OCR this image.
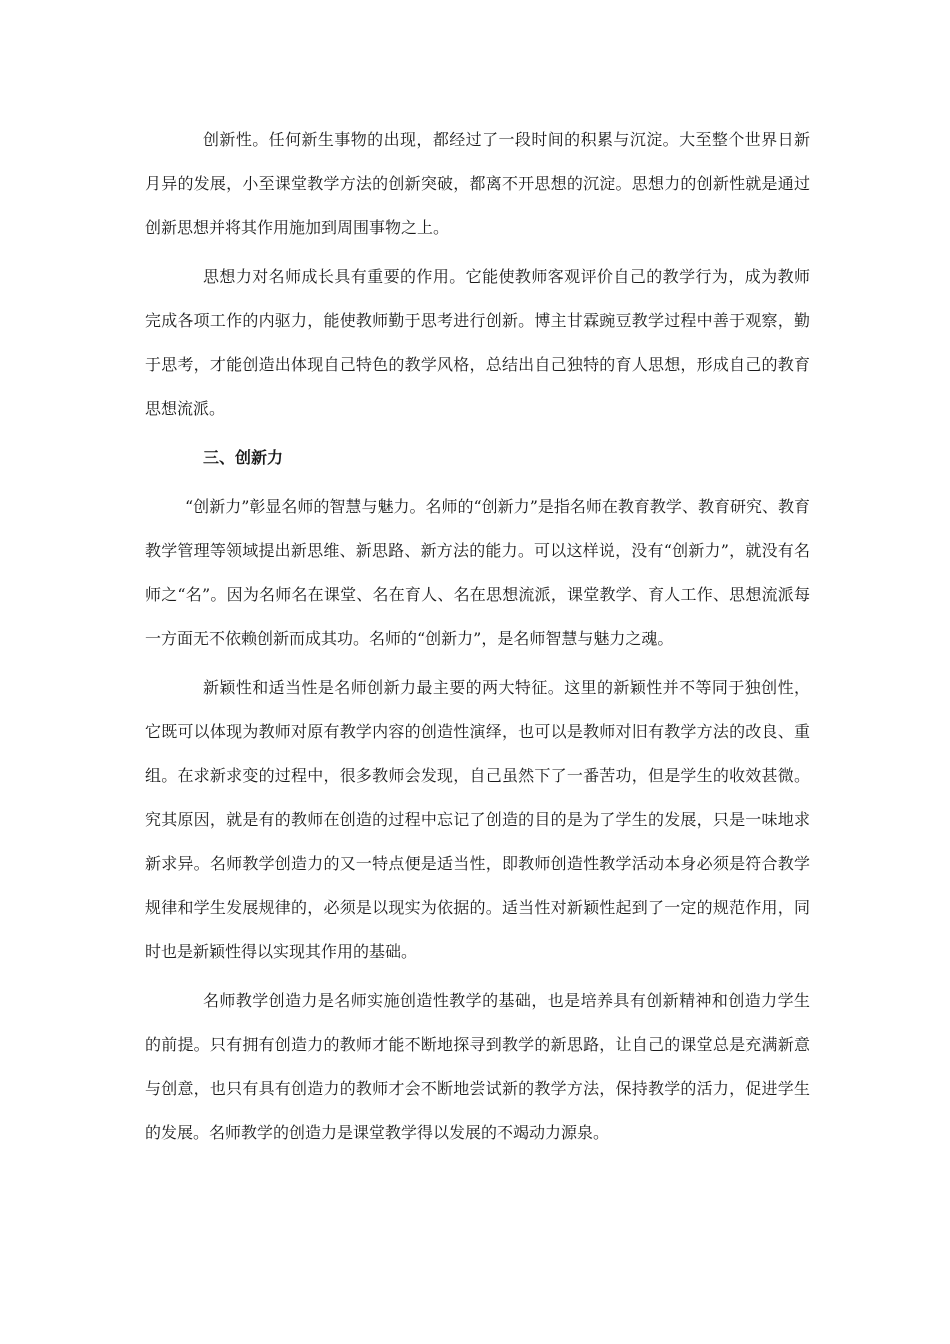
创新性。任何新生事物的出现，都经过了一段时间的积累与沉淀。大至整个世界日新月异的发展，小至课堂教学方法的创新突破，都离不开思想的沉淀。思想力的创新性就是通过创新思想并将其作用施加到周围事物之上。

思想力对名师成长具有重要的作用。它能使教师客观评价自己的教学行为，成为教师完成各项工作的内驱力，能使教师勤于思考进行创新。博主甘霖豌豆教学过程中善于观察，勤于思考，才能创造出体现自己特色的教学风格，总结出自己独特的育人思想，形成自己的教育思想流派。

三、创新力

“创新力”彰显名师的智慧与魅力。名师的“创新力”是指名师在教育教学、教育研究、教育教学管理等领域提出新思维、新思路、新方法的能力。可以这样说，没有“创新力”，就没有名师之“名”。因为名师名在课堂、名在育人、名在思想流派，课堂教学、育人工作、思想流派每一方面无不依赖创新而成其功。名师的“创新力”，是名师智慧与魅力之魂。

新颖性和适当性是名师创新力最主要的两大特征。这里的新颖性并不等同于独创性，它既可以体现为教师对原有教学内容的创造性演绎，也可以是教师对旧有教学方法的改良、重组。在求新求变的过程中，很多教师会发现，自己虽然下了一番苦功，但是学生的收效甚微。究其原因，就是有的教师在创造的过程中忘记了创造的目的是为了学生的发展，只是一味地求新求异。名师教学创造力的又一特点便是适当性，即教师创造性教学活动本身必须是符合教学规律和学生发展规律的，必须是以现实为依据的。适当性对新颖性起到了一定的规范作用，同时也是新颖性得以实现其作用的基础。

名师教学创造力是名师实施创造性教学的基础，也是培养具有创新精神和创造力学生的前提。只有拥有创造力的教师才能不断地探寻到教学的新思路，让自己的课堂总是充满新意与创意，也只有具有创造力的教师才会不断地尝试新的教学方法，保持教学的活力，促进学生的发展。名师教学的创造力是课堂教学得以发展的不竭动力源泉。
